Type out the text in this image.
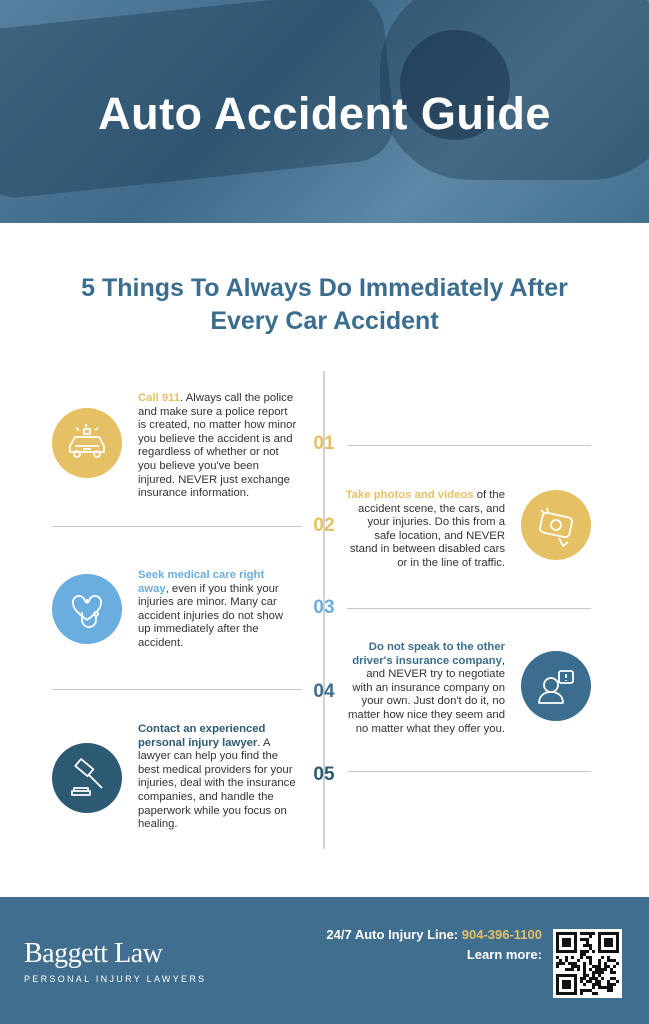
Auto Accident Guide
5 Things To Always Do Immediately After Every Car Accident
01
02
03
04
05
Call 911. Always call the police and make sure a police report is created, no matter how minor you believe the accident is and regardless of whether or not you believe you've been injured. NEVER just exchange insurance information.	Take photos and videos of the accident scene, the cars, and your injuries. Do this from a safe location, and NEVER stand in between disabled cars or in the line of traffic.
Seek medical care right away, even if you think your injuries are minor. Many car accident injuries do not show up immediately after the accident.	Do not speak to the other driver's insurance company, and NEVER try to negotiate with an insurance company on your own. Just don't do it, no matter how nice they seem and no matter what they offer you.
Contact an experienced personal injury lawyer. A lawyer can help you find the best medical providers for your injuries, deal with the insurance companies, and handle the paperwork while you focus on healing.
Baggett Law
PERSONAL INJURY LAWYERS
24/7 Auto Injury Line: 904-396-1100
Learn more:
